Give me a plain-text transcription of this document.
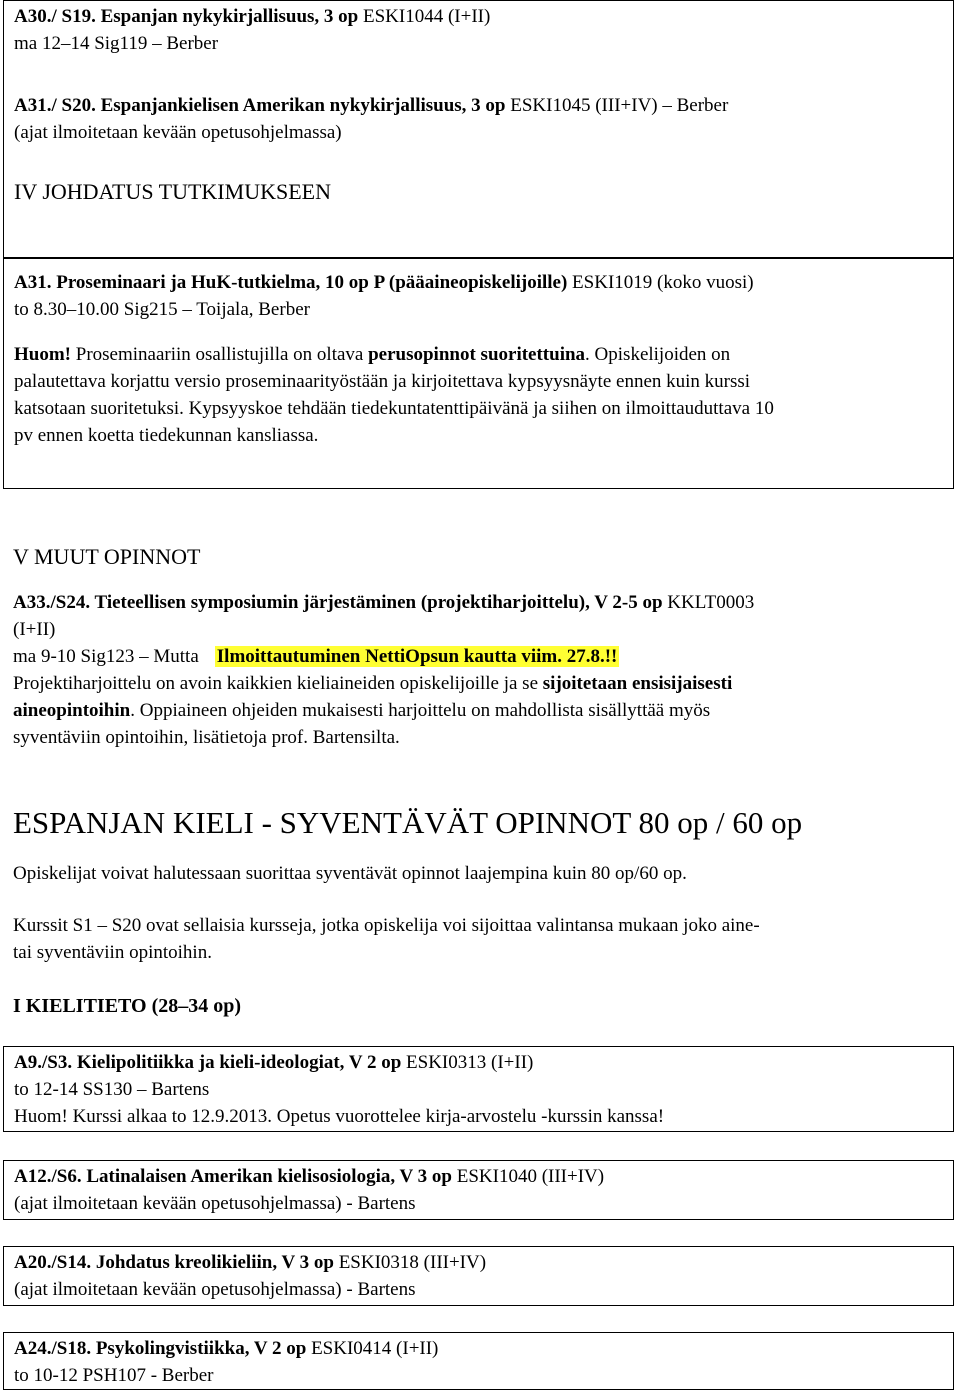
A30./ S19. Espanjan nykykirjallisuus, 3 op ESKI1044 (I+II)

ma 12–14 Sig119 – Berber

A31./ S20. Espanjankielisen Amerikan nykykirjallisuus, 3 op ESKI1045 (III+IV) – Berber

(ajat ilmoitetaan kevään opetusohjelmassa)

IV JOHDATUS TUTKIMUKSEEN

A31. Proseminaari ja HuK-tutkielma, 10 op P (pääaineopiskelijoille) ESKI1019 (koko vuosi)

to 8.30–10.00 Sig215 – Toijala, Berber

Huom! Proseminaariin osallistujilla on oltava perusopinnot suoritettuina. Opiskelijoiden on

palautettava korjattu versio proseminaarityöstään ja kirjoitettava kypsyysnäyte ennen kuin kurssi

katsotaan suoritetuksi. Kypsyyskoe tehdään tiedekuntatenttipäivänä ja siihen on ilmoittauduttava 10

pv ennen koetta tiedekunnan kansliassa.

V MUUT OPINNOT
A33./S24. Tieteellisen symposiumin järjestäminen (projektiharjoittelu), V 2-5 op KKLT0003
(I+II)
ma 9-10 Sig123 – Mutta Ilmoittautuminen NettiOpsun kautta viim. 27.8.!!
Projektiharjoittelu on avoin kaikkien kieliaineiden opiskelijoille ja se sijoitetaan ensisijaisesti
aineopintoihin. Oppiaineen ohjeiden mukaisesti harjoittelu on mahdollista sisällyttää myös
syventäviin opintoihin, lisätietoja prof. Bartensilta.
ESPANJAN KIELI - SYVENTÄVÄT OPINNOT 80 op / 60 op
Opiskelijat voivat halutessaan suorittaa syventävät opinnot laajempina kuin 80 op/60 op.
Kurssit S1 – S20 ovat sellaisia kursseja, jotka opiskelija voi sijoittaa valintansa mukaan joko aine-
tai syventäviin opintoihin.
I KIELITIETO (28–34 op)

A9./S3. Kielipolitiikka ja kieli-ideologiat, V 2 op ESKI0313 (I+II)

to 12-14 SS130 – Bartens

Huom! Kurssi alkaa to 12.9.2013. Opetus vuorottelee kirja-arvostelu -kurssin kanssa!

A12./S6. Latinalaisen Amerikan kielisosiologia, V 3 op ESKI1040 (III+IV)

(ajat ilmoitetaan kevään opetusohjelmassa) - Bartens

A20./S14. Johdatus kreolikieliin, V 3 op ESKI0318 (III+IV)

(ajat ilmoitetaan kevään opetusohjelmassa) - Bartens

A24./S18. Psykolingvistiikka, V 2 op ESKI0414 (I+II)

to 10-12 PSH107 - Berber
